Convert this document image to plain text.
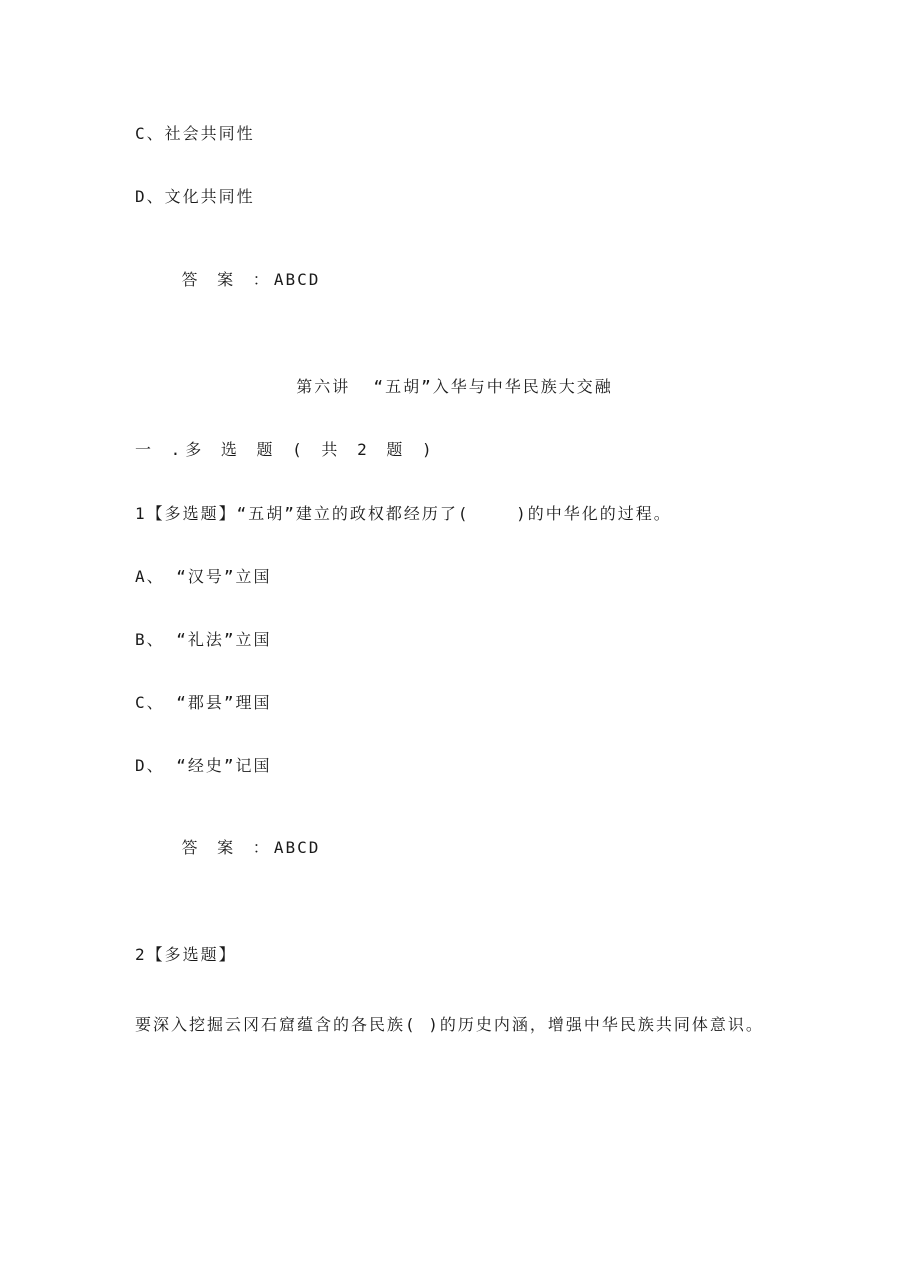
C、社会共同性
D、文化共同性

答 案 ：ABCD

第六讲  “五胡”入华与中华民族大交融
一 .多 选 题 ( 共 2 题 )
1【多选题】“五胡”建立的政权都经历了(    )的中华化的过程。
A、 “汉号”立国
B、 “礼法”立国
C、 “郡县”理国
D、 “经史”记国

答 案 ：ABCD

2【多选题】
要深入挖掘云冈石窟蕴含的各民族( )的历史内涵，增强中华民族共同体意识。
